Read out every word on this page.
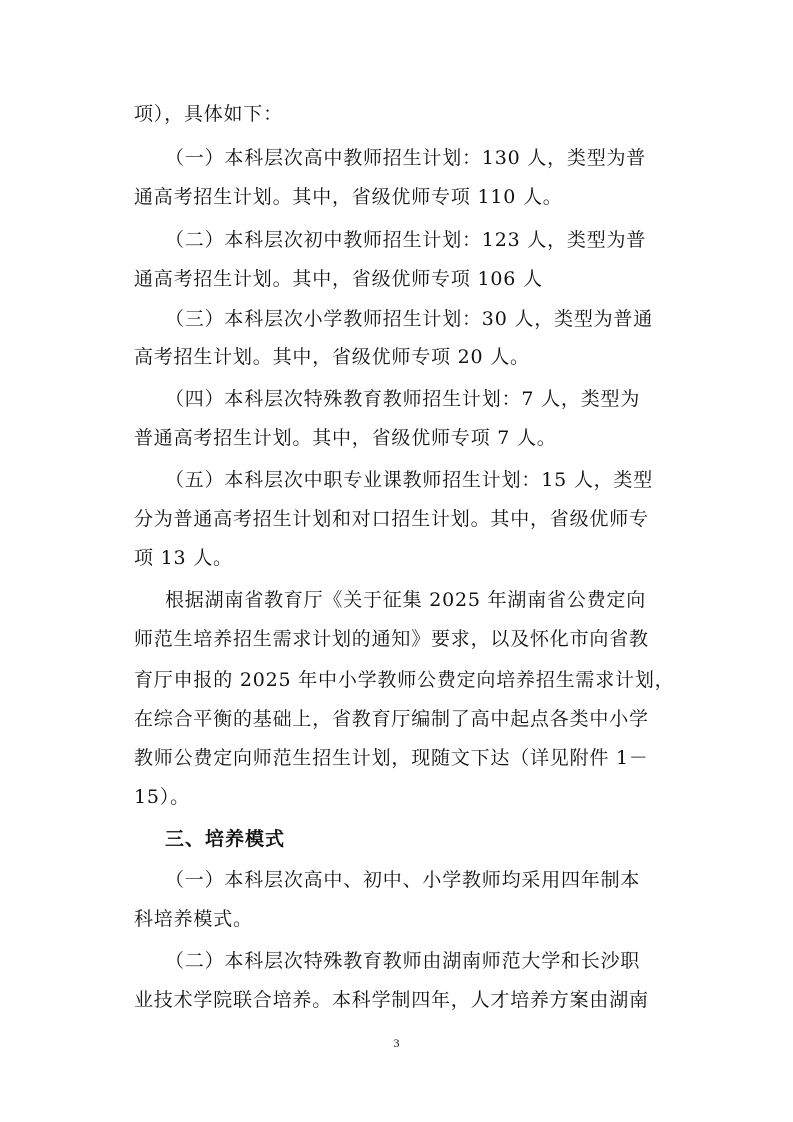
项），具体如下：
（一）本科层次高中教师招生计划：130 人，类型为普
通高考招生计划。其中，省级优师专项 110 人。
（二）本科层次初中教师招生计划：123 人，类型为普
通高考招生计划。其中，省级优师专项 106 人
（三）本科层次小学教师招生计划：30 人，类型为普通
高考招生计划。其中，省级优师专项 20 人。
（四）本科层次特殊教育教师招生计划：7 人，类型为
普通高考招生计划。其中，省级优师专项 7 人。
（五）本科层次中职专业课教师招生计划：15 人，类型
分为普通高考招生计划和对口招生计划。其中，省级优师专
项 13 人。
根据湖南省教育厅《关于征集 2025 年湖南省公费定向
师范生培养招生需求计划的通知》要求，以及怀化市向省教
育厅申报的 2025 年中小学教师公费定向培养招生需求计划，
在综合平衡的基础上，省教育厅编制了高中起点各类中小学
教师公费定向师范生招生计划，现随文下达（详见附件 1－
15）。
三、培养模式
（一）本科层次高中、初中、小学教师均采用四年制本
科培养模式。
（二）本科层次特殊教育教师由湖南师范大学和长沙职
业技术学院联合培养。本科学制四年，人才培养方案由湖南
3
